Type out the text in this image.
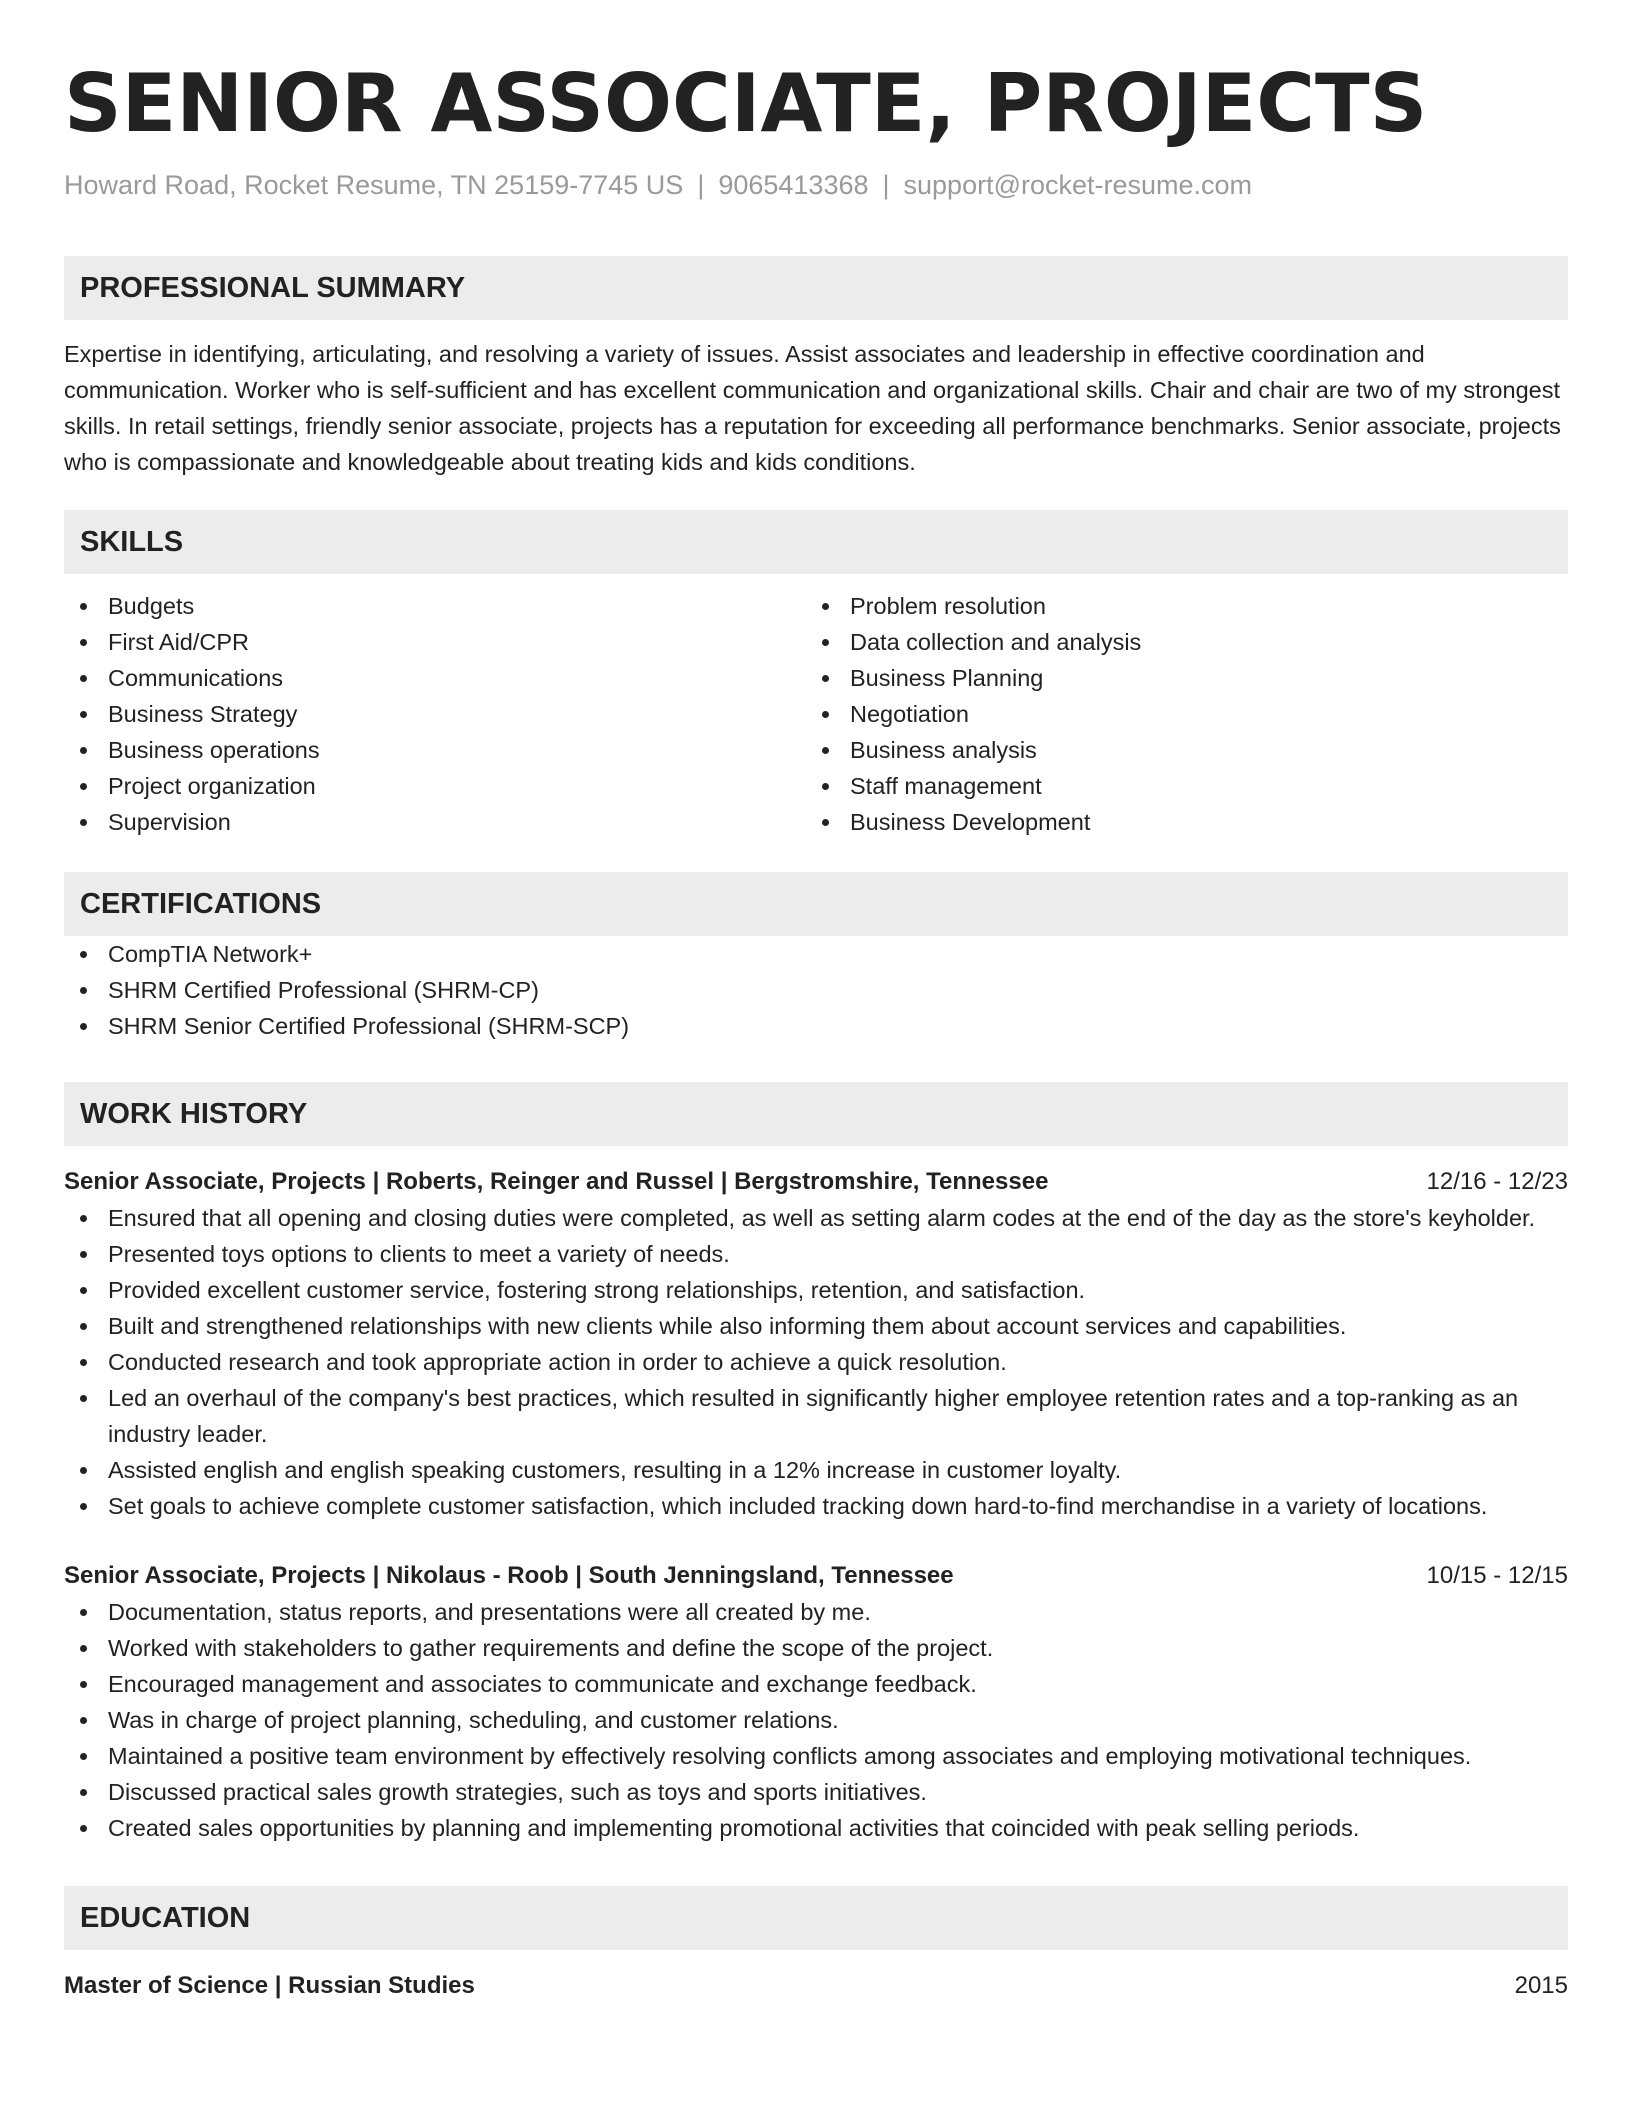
SENIOR ASSOCIATE, PROJECTS
Howard Road, Rocket Resume, TN 25159-7745 US | 9065413368 | support@rocket-resume.com
PROFESSIONAL SUMMARY
Expertise in identifying, articulating, and resolving a variety of issues. Assist associates and leadership in effective coordination and communication. Worker who is self-sufficient and has excellent communication and organizational skills. Chair and chair are two of my strongest skills. In retail settings, friendly senior associate, projects has a reputation for exceeding all performance benchmarks. Senior associate, projects who is compassionate and knowledgeable about treating kids and kids conditions.
SKILLS
Budgets
First Aid/CPR
Communications
Business Strategy
Business operations
Project organization
Supervision
Problem resolution
Data collection and analysis
Business Planning
Negotiation
Business analysis
Staff management
Business Development
CERTIFICATIONS
CompTIA Network+
SHRM Certified Professional (SHRM-CP)
SHRM Senior Certified Professional (SHRM-SCP)
WORK HISTORY
Senior Associate, Projects | Roberts, Reinger and Russel | Bergstromshire, Tennessee	12/16 - 12/23
Ensured that all opening and closing duties were completed, as well as setting alarm codes at the end of the day as the store's keyholder.
Presented toys options to clients to meet a variety of needs.
Provided excellent customer service, fostering strong relationships, retention, and satisfaction.
Built and strengthened relationships with new clients while also informing them about account services and capabilities.
Conducted research and took appropriate action in order to achieve a quick resolution.
Led an overhaul of the company's best practices, which resulted in significantly higher employee retention rates and a top-ranking as an industry leader.
Assisted english and english speaking customers, resulting in a 12% increase in customer loyalty.
Set goals to achieve complete customer satisfaction, which included tracking down hard-to-find merchandise in a variety of locations.
Senior Associate, Projects | Nikolaus - Roob | South Jenningsland, Tennessee	10/15 - 12/15
Documentation, status reports, and presentations were all created by me.
Worked with stakeholders to gather requirements and define the scope of the project.
Encouraged management and associates to communicate and exchange feedback.
Was in charge of project planning, scheduling, and customer relations.
Maintained a positive team environment by effectively resolving conflicts among associates and employing motivational techniques.
Discussed practical sales growth strategies, such as toys and sports initiatives.
Created sales opportunities by planning and implementing promotional activities that coincided with peak selling periods.
EDUCATION
Master of Science | Russian Studies	2015
